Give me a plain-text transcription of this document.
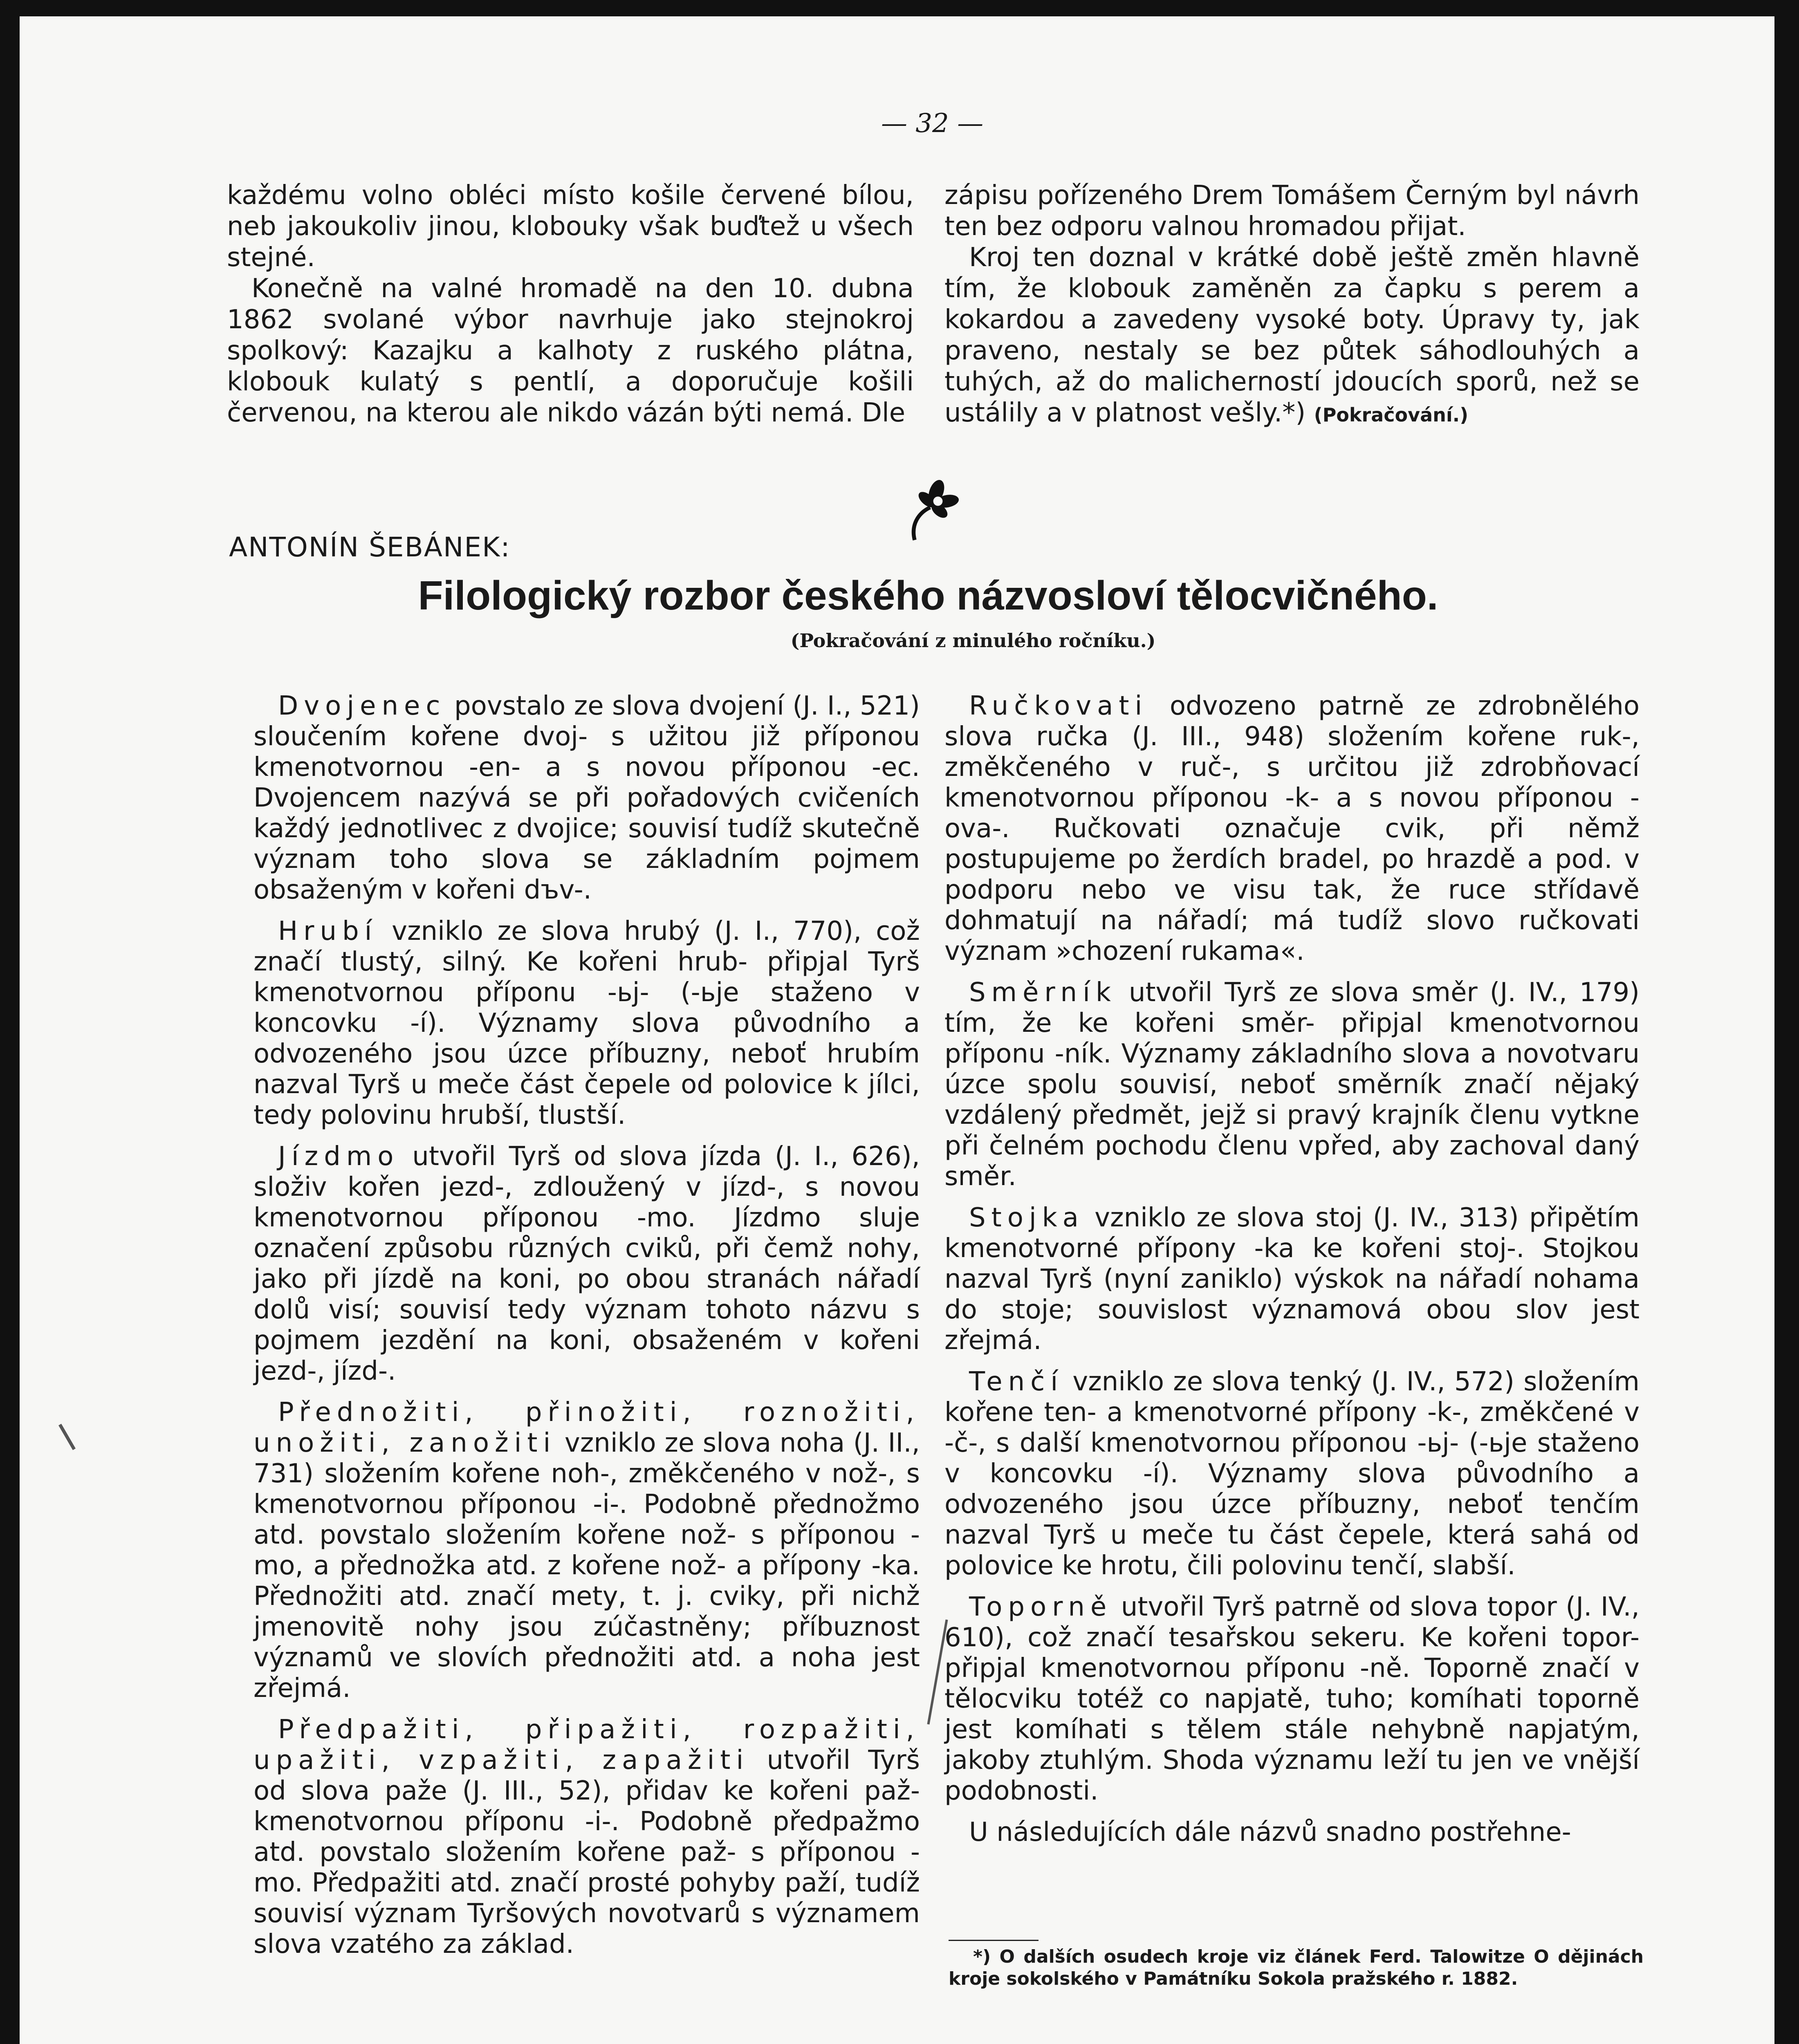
— 32 —

každému volno obléci místo košile červené bílou, neb jakoukoliv jinou, klobouky však buďtež u všech stejné.

Konečně na valné hromadě na den 10. dubna 1862 svolané výbor navrhuje jako stejnokroj spolkový: Kazajku a kalhoty z ruského plátna, klobouk kulatý s pentlí, a doporučuje košili červenou, na kterou ale nikdo vázán býti nemá. Dle

zápisu pořízeného Drem Tomášem Černým byl návrh ten bez odporu valnou hromadou přijat.

Kroj ten doznal v krátké době ještě změn hlavně tím, že klobouk zaměněn za čapku s perem a kokardou a zavedeny vysoké boty. Úpravy ty, jak praveno, nestaly se bez půtek sáhodlouhých a tuhých, až do malicherností jdoucích sporů, než se ustálily a v platnost vešly.*) (Pokračování.)

ANTONÍN ŠEBÁNEK:
Filologický rozbor českého názvosloví tělocvičného.
(Pokračování z minulého ročníku.)

Dvojenec povstalo ze slova dvojení (J. I., 521) sloučením kořene dvoj- s užitou již příponou kmenotvornou -en- a s novou příponou -ec. Dvojencem nazývá se při pořadových cvičeních každý jednotlivec z dvojice; souvisí tudíž skutečně význam toho slova se základním pojmem obsaženým v kořeni dъv-.

Hrubí vzniklo ze slova hrubý (J. I., 770), což značí tlustý, silný. Ke kořeni hrub- připjal Tyrš kmenotvornou příponu -ьj- (-ьje staženo v koncovku -í). Významy slova původního a odvozeného jsou úzce příbuzny, neboť hrubím nazval Tyrš u meče část čepele od polovice k jílci, tedy polovinu hrubší, tlustší.

Jízdmo utvořil Tyrš od slova jízda (J. I., 626), složiv kořen jezd-, zdloužený v jízd-, s novou kmenotvornou příponou -mo. Jízdmo sluje označení způsobu různých cviků, při čemž nohy, jako při jízdě na koni, po obou stranách nářadí dolů visí; souvisí tedy význam tohoto názvu s pojmem jezdění na koni, obsaženém v kořeni jezd-, jízd-.

Přednožiti, přinožiti, roznožiti, unožiti, zanožiti vzniklo ze slova noha (J. II., 731) složením kořene noh-, změkčeného v nož-, s kmenotvornou příponou -i-. Podobně přednožmo atd. povstalo složením kořene nož- s příponou -mo, a přednožka atd. z kořene nož- a přípony -ka. Přednožiti atd. značí mety, t. j. cviky, při nichž jmenovitě nohy jsou zúčastněny; příbuznost významů ve slovích přednožiti atd. a noha jest zřejmá.

Předpažiti, připažiti, rozpažiti, upažiti, vzpažiti, zapažiti utvořil Tyrš od slova paže (J. III., 52), přidav ke kořeni paž- kmenotvornou příponu -i-. Podobně předpažmo atd. povstalo složením kořene paž- s příponou -mo. Předpažiti atd. značí prosté pohyby paží, tudíž souvisí význam Tyršových novotvarů s významem slova vzatého za základ.

Ručkovati odvozeno patrně ze zdrobnělého slova ručka (J. III., 948) složením kořene ruk-, změkčeného v ruč-, s určitou již zdrobňovací kmenotvornou příponou -k- a s novou příponou -ova-. Ručkovati označuje cvik, při němž postupujeme po žerdích bradel, po hrazdě a pod. v podporu nebo ve visu tak, že ruce střídavě dohmatují na nářadí; má tudíž slovo ručkovati význam »chození rukama«.

Směrník utvořil Tyrš ze slova směr (J. IV., 179) tím, že ke kořeni směr- připjal kmenotvornou příponu -ník. Významy základního slova a novotvaru úzce spolu souvisí, neboť směrník značí nějaký vzdálený předmět, jejž si pravý krajník členu vytkne při čelném pochodu členu vpřed, aby zachoval daný směr.

Stojka vzniklo ze slova stoj (J. IV., 313) připětím kmenotvorné přípony -ka ke kořeni stoj-. Stojkou nazval Tyrš (nyní zaniklo) výskok na nářadí nohama do stoje; souvislost významová obou slov jest zřejmá.

Tenčí vzniklo ze slova tenký (J. IV., 572) složením kořene ten- a kmenotvorné přípony -k-, změkčené v -č-, s další kmenotvornou příponou -ьj- (-ьje staženo v koncovku -í). Významy slova původního a odvozeného jsou úzce příbuzny, neboť tenčím nazval Tyrš u meče tu část čepele, která sahá od polovice ke hrotu, čili polovinu tenčí, slabší.

Toporně utvořil Tyrš patrně od slova topor (J. IV., 610), což značí tesařskou sekeru. Ke kořeni topor- připjal kmenotvornou příponu -ně. Toporně značí v tělocviku totéž co napjatě, tuho; komíhati toporně jest komíhati s tělem stále nehybně napjatým, jakoby ztuhlým. Shoda významu leží tu jen ve vnější podobnosti.

U následujících dále názvů snadno postřehne-

*) O dalších osudech kroje viz článek Ferd. Talowitze O dějinách kroje sokolského v Památníku Sokola pražského r. 1882.
